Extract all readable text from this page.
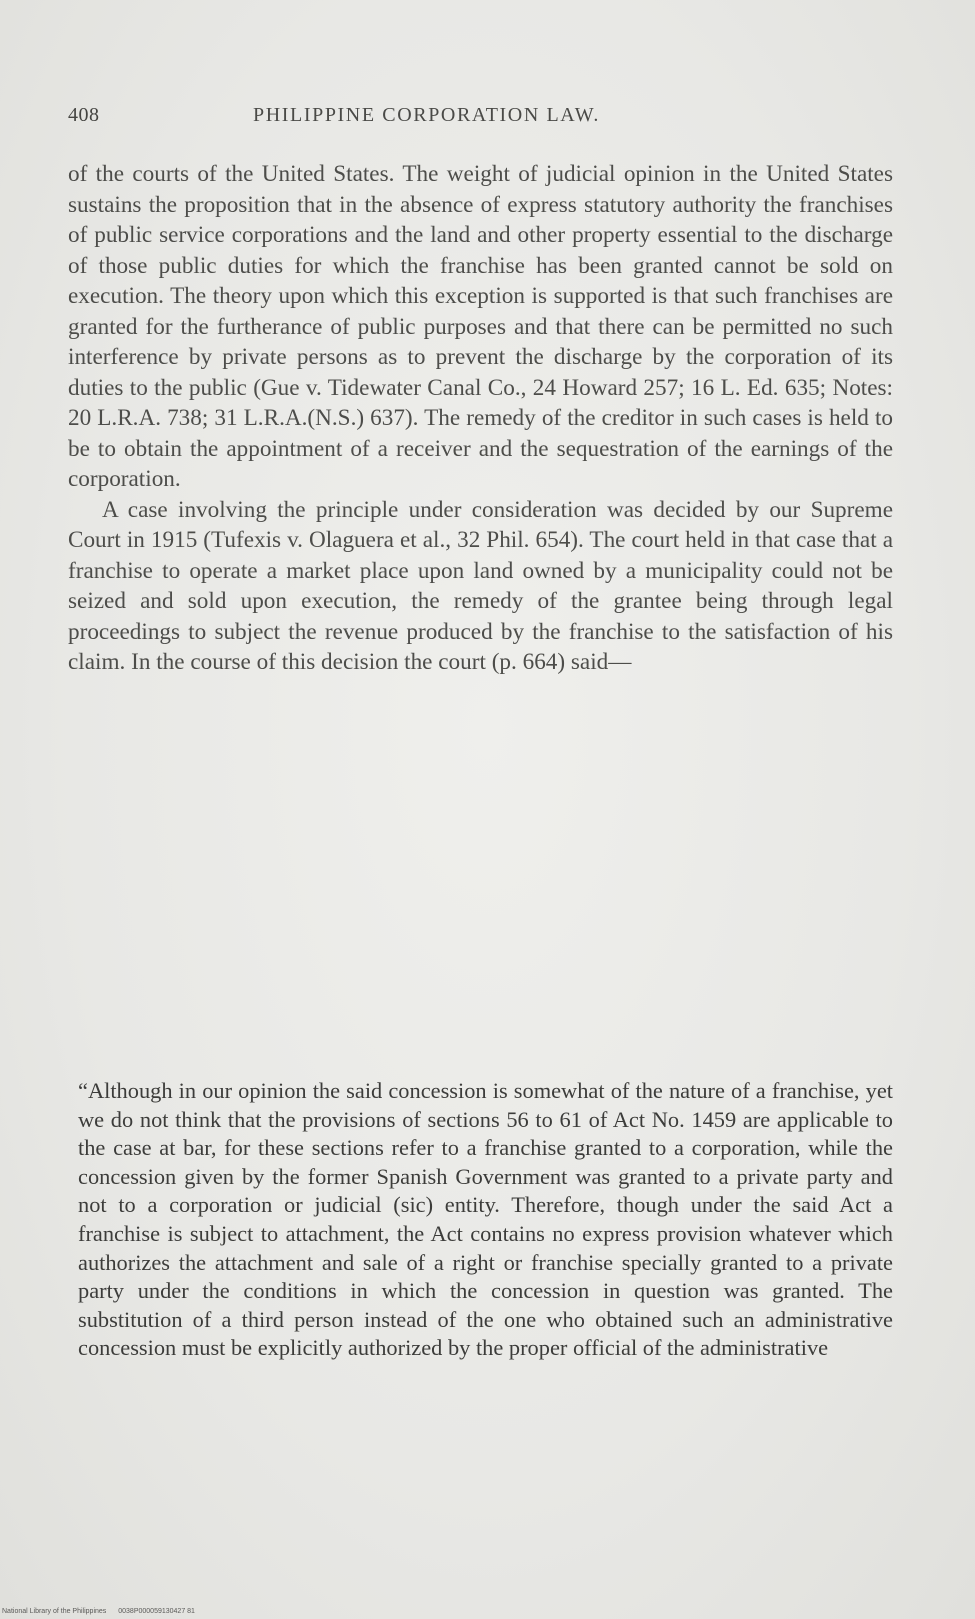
408	PHILIPPINE CORPORATION LAW.

of the courts of the United States. The weight of judicial opinion in the United States sustains the proposition that in the absence of express statutory authority the franchises of public service corporations and the land and other property essential to the discharge of those public duties for which the franchise has been granted cannot be sold on execution. The theory upon which this exception is supported is that such franchises are granted for the furtherance of public purposes and that there can be permitted no such interference by private persons as to prevent the discharge by the corporation of its duties to the public (Gue v. Tidewater Canal Co., 24 Howard 257; 16 L. Ed. 635; Notes: 20 L.R.A. 738; 31 L.R.A.(N.S.) 637). The remedy of the creditor in such cases is held to be to obtain the appointment of a receiver and the sequestration of the earnings of the corporation.

A case involving the principle under consideration was decided by our Supreme Court in 1915 (Tufexis v. Olaguera et al., 32 Phil. 654). The court held in that case that a franchise to operate a market place upon land owned by a municipality could not be seized and sold upon execution, the remedy of the grantee being through legal proceedings to subject the revenue produced by the franchise to the satisfaction of his claim. In the course of this decision the court (p. 664) said—

“Although in our opinion the said concession is somewhat of the nature of a franchise, yet we do not think that the provisions of sections 56 to 61 of Act No. 1459 are applicable to the case at bar, for these sections refer to a franchise granted to a corporation, while the concession given by the former Spanish Government was granted to a private party and not to a corporation or judicial (sic) entity. Therefore, though under the said Act a franchise is subject to attachment, the Act contains no express provision whatever which authorizes the attachment and sale of a right or franchise specially granted to a private party under the conditions in which the concession in question was granted. The substitution of a third person instead of the one who obtained such an administrative concession must be explicitly authorized by the proper official of the administrative

National Library of the Philippines 0038P000059130427 81
